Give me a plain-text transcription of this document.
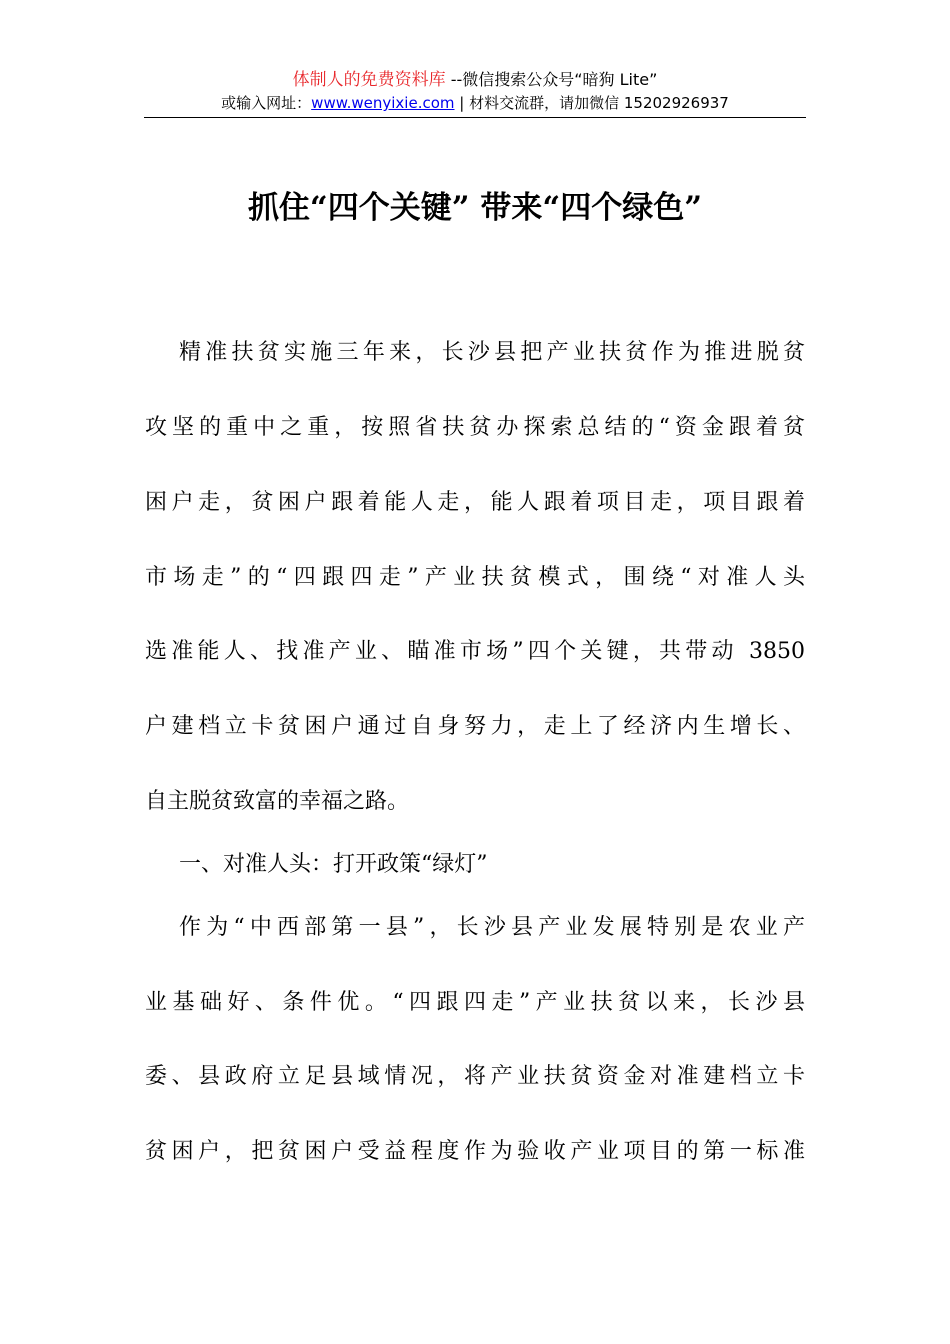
体制人的免费资料库 --微信搜索公众号“暗狗 Lite”
或输入网址：www.wenyixie.com | 材料交流群，请加微信 15202926937
抓住“四个关键” 带来“四个绿色”
精准扶贫实施三年来，长沙县把产业扶贫作为推进脱贫
攻坚的重中之重，按照省扶贫办探索总结的“资金跟着贫
困户走，贫困户跟着能人走，能人跟着项目走，项目跟着
市场走”的“四跟四走”产业扶贫模式，围绕“对准人头
选准能人、找准产业、瞄准市场”四个关键，共带动 3850
户建档立卡贫困户通过自身努力，走上了经济内生增长、
自主脱贫致富的幸福之路。
一、对准人头：打开政策“绿灯”
作为“中西部第一县”，长沙县产业发展特别是农业产
业基础好、条件优。“四跟四走”产业扶贫以来，长沙县
委、县政府立足县域情况，将产业扶贫资金对准建档立卡
贫困户，把贫困户受益程度作为验收产业项目的第一标准
